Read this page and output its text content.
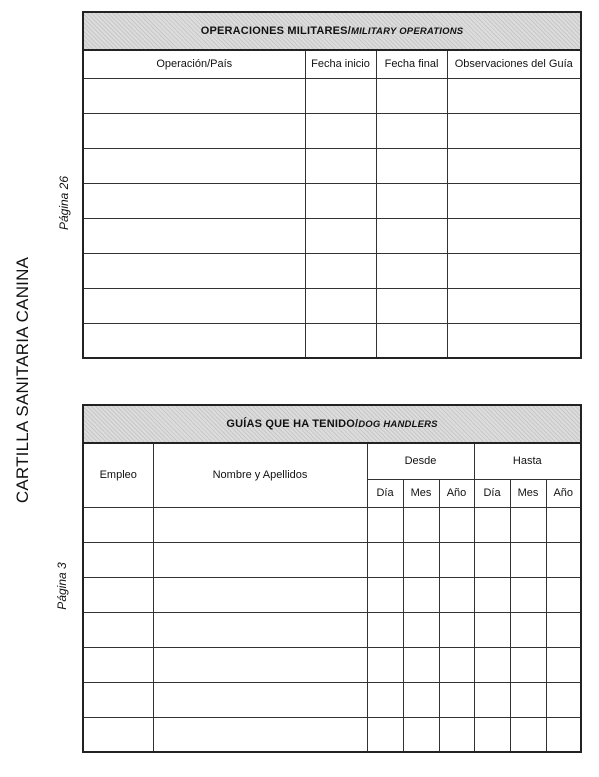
CARTILLA SANITARIA CANINA
Página 26
Página 3
OPERACIONES MILITARES/MILITARY OPERATIONS			
Operación/País	Fecha inicio	Fecha final	Observaciones del Guía

GUÍAS QUE HA TENIDO/DOG HANDLERS							
Empleo	Nombre y Apellidos	Desde			Hasta		
		Día	Mes	Año	Día	Mes	Año
